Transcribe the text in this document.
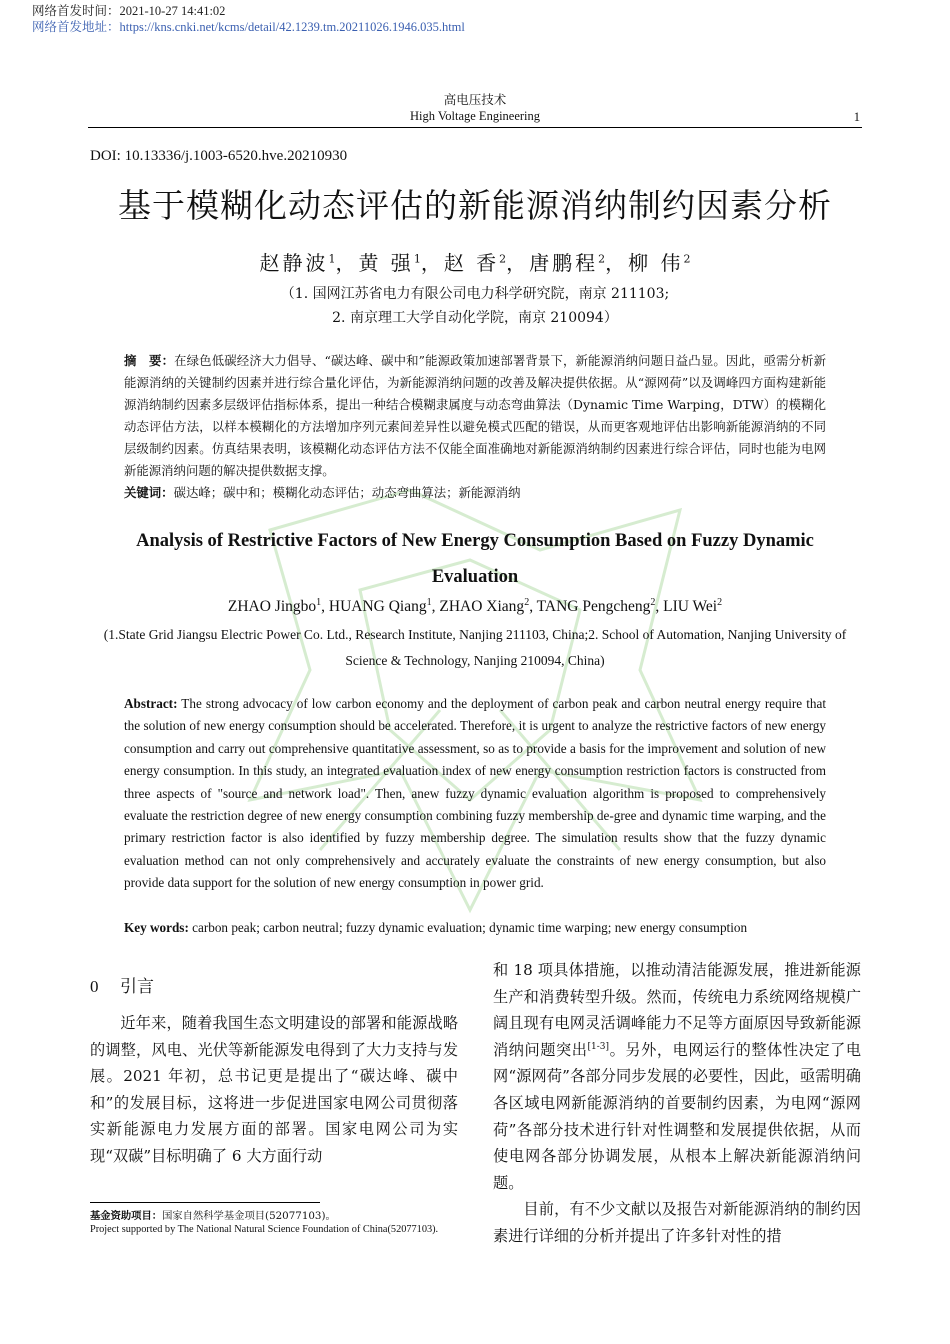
网络首发时间：2021-10-27 14:41:02
网络首发地址：https://kns.cnki.net/kcms/detail/42.1239.tm.20211026.1946.035.html
高电压技术
High Voltage Engineering	1
DOI: 10.13336/j.1003-6520.hve.20210930
基于模糊化动态评估的新能源消纳制约因素分析
赵静波$^1$，黄 强$^1$，赵 香$^2$，唐鹏程$^2$，柳 伟$^2$
（1. 国网江苏省电力有限公司电力科学研究院，南京 211103;
2. 南京理工大学自动化学院，南京 210094）
摘　要：在绿色低碳经济大力倡导、“碳达峰、碳中和”能源政策加速部署背景下，新能源消纳问题日益凸显。因此，亟需分析新能源消纳的关键制约因素并进行综合量化评估，为新能源消纳问题的改善及解决提供依据。从“源网荷”以及调峰四方面构建新能源消纳制约因素多层级评估指标体系，提出一种结合模糊隶属度与动态弯曲算法（Dynamic Time Warping，DTW）的模糊化动态评估方法，以样本模糊化的方法增加序列元素间差异性以避免模式匹配的错误，从而更客观地评估出影响新能源消纳的不同层级制约因素。仿真结果表明，该模糊化动态评估方法不仅能全面准确地对新能源消纳制约因素进行综合评估，同时也能为电网新能源消纳问题的解决提供数据支撑。
关键词：碳达峰；碳中和；模糊化动态评估；动态弯曲算法；新能源消纳
Analysis of Restrictive Factors of New Energy Consumption Based on Fuzzy Dynamic Evaluation
ZHAO Jingbo$^1$, HUANG Qiang$^1$, ZHAO Xiang$^2$, TANG Pengcheng$^2$, LIU Wei$^2$
(1.State Grid Jiangsu Electric Power Co. Ltd., Research Institute, Nanjing 211103, China;2. School of Automation, Nanjing University of Science & Technology, Nanjing 210094, China)
Abstract: The strong advocacy of low carbon economy and the deployment of carbon peak and carbon neutral energy require that the solution of new energy consumption should be accelerated. Therefore, it is urgent to analyze the restrictive factors of new energy consumption and carry out comprehensive quantitative assessment, so as to provide a basis for the improvement and solution of new energy consumption. In this study, an integrated evaluation index of new energy consumption restriction factors is constructed from three aspects of "source and network load". Then, anew fuzzy dynamic evaluation algorithm is proposed to comprehensively evaluate the restriction degree of new energy consumption combining fuzzy membership de-gree and dynamic time warping, and the primary restriction factor is also identified by fuzzy membership degree. The simulation results show that the fuzzy dynamic evaluation method can not only comprehensively and accurately evaluate the constraints of new energy consumption, but also provide data support for the solution of new energy consumption in power grid.
Key words: carbon peak; carbon neutral; fuzzy dynamic evaluation; dynamic time warping; new energy consumption
0 引言

近年来，随着我国生态文明建设的部署和能源战略的调整，风电、光伏等新能源发电得到了大力支持与发展。2021 年初，总书记更是提出了“碳达峰、碳中和”的发展目标，这将进一步促进国家电网公司贯彻落实新能源电力发展方面的部署。国家电网公司为实现“双碳”目标明确了 6 大方面行动

和 18 项具体措施，以推动清洁能源发展，推进新能源生产和消费转型升级。然而，传统电力系统网络规模广阔且现有电网灵活调峰能力不足等方面原因导致新能源消纳问题突出[1-3]。另外，电网运行的整体性决定了电网“源网荷”各部分同步发展的必要性，因此，亟需明确各区域电网新能源消纳的首要制约因素，为电网“源网荷”各部分技术进行针对性调整和发展提供依据，从而使电网各部分协调发展，从根本上解决新能源消纳问题。

目前，有不少文献以及报告对新能源消纳的制约因素进行详细的分析并提出了许多针对性的措

基金资助项目：国家自然科学基金项目(52077103)。
Project supported by The National Natural Science Foundation of China(52077103).
